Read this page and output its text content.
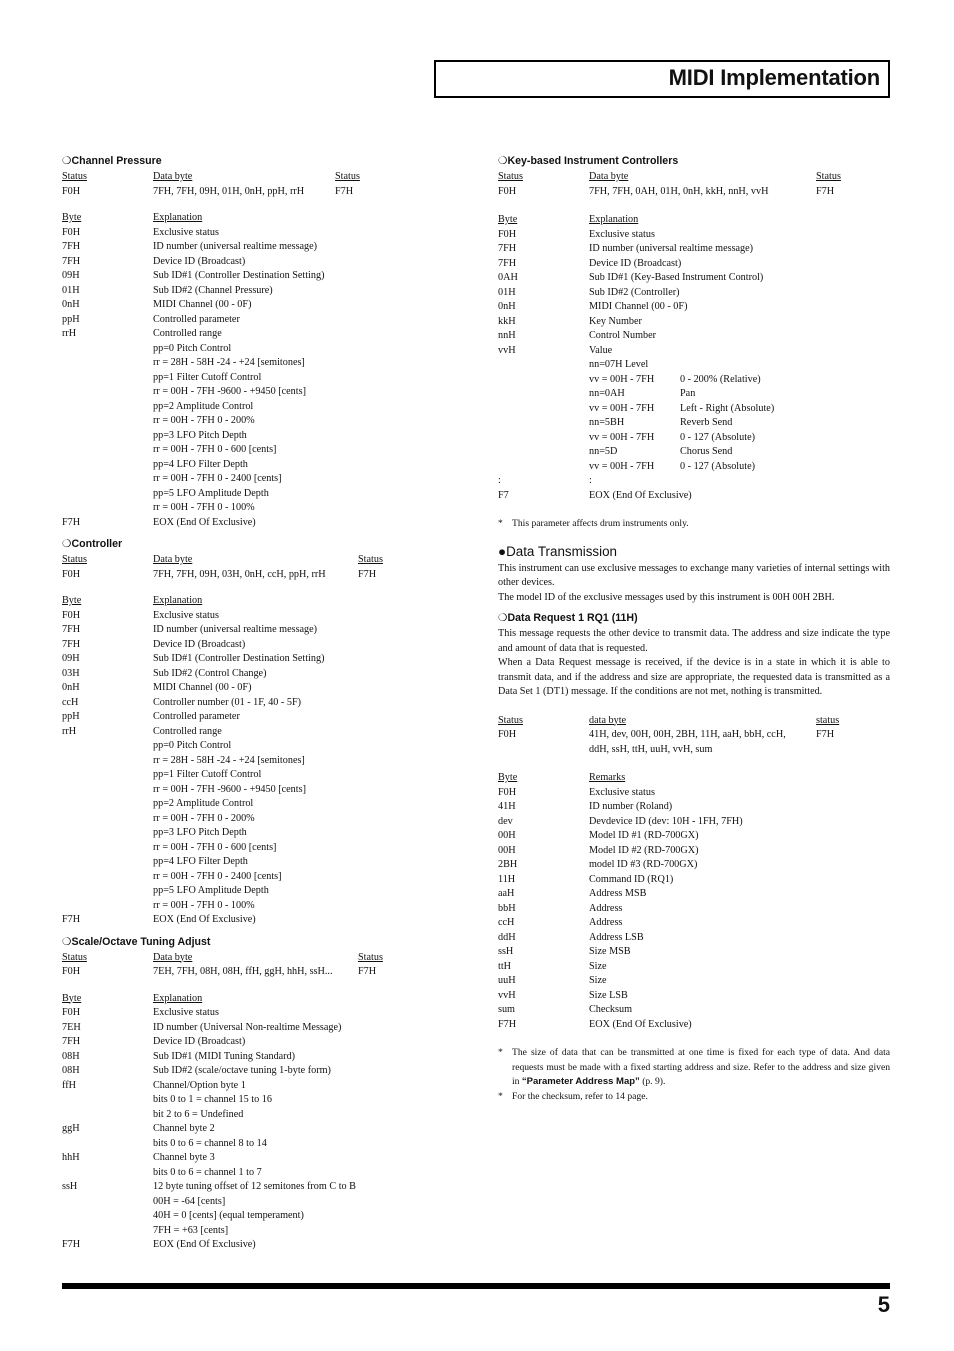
MIDI Implementation
❍Channel Pressure
Status	Data byte	Status
F0H	7FH, 7FH, 09H, 01H, 0nH, ppH, rrH	F7H
Byte	Explanation
F0H	Exclusive status
7FH	ID number (universal realtime message)
7FH	Device ID (Broadcast)
09H	Sub ID#1 (Controller Destination Setting)
01H	Sub ID#2 (Channel Pressure)
0nH	MIDI Channel (00 - 0F)
ppH	Controlled parameter
rrH	Controlled range
pp=0 Pitch Control
rr = 28H - 58H -24 - +24 [semitones]
pp=1 Filter Cutoff Control
rr = 00H - 7FH -9600 - +9450 [cents]
pp=2 Amplitude Control
rr = 00H - 7FH 0 - 200%
pp=3 LFO Pitch Depth
rr = 00H - 7FH 0 - 600 [cents]
pp=4 LFO Filter Depth
rr = 00H - 7FH 0 - 2400 [cents]
pp=5 LFO Amplitude Depth
rr = 00H - 7FH 0 - 100%
F7H	EOX (End Of Exclusive)
❍Controller
Status	Data byte	Status
F0H	7FH, 7FH, 09H, 03H, 0nH, ccH, ppH, rrH	F7H
Byte	Explanation
F0H	Exclusive status
7FH	ID number (universal realtime message)
7FH	Device ID (Broadcast)
09H	Sub ID#1 (Controller Destination Setting)
03H	Sub ID#2 (Control Change)
0nH	MIDI Channel (00 - 0F)
ccH	Controller number (01 - 1F, 40 - 5F)
ppH	Controlled parameter
rrH	Controlled range
pp=0 Pitch Control
rr = 28H - 58H -24 - +24 [semitones]
pp=1 Filter Cutoff Control
rr = 00H - 7FH -9600 - +9450 [cents]
pp=2 Amplitude Control
rr = 00H - 7FH 0 - 200%
pp=3 LFO Pitch Depth
rr = 00H - 7FH 0 - 600 [cents]
pp=4 LFO Filter Depth
rr = 00H - 7FH 0 - 2400 [cents]
pp=5 LFO Amplitude Depth
rr = 00H - 7FH 0 - 100%
F7H	EOX (End Of Exclusive)
❍Scale/Octave Tuning Adjust
Status	Data byte	Status
F0H	7EH, 7FH, 08H, 08H, ffH, ggH, hhH, ssH...	F7H
Byte	Explanation
F0H	Exclusive status
7EH	ID number (Universal Non-realtime Message)
7FH	Device ID (Broadcast)
08H	Sub ID#1 (MIDI Tuning Standard)
08H	Sub ID#2 (scale/octave tuning 1-byte form)
ffH	Channel/Option byte 1
bits 0 to 1 = channel 15 to 16
bit 2 to 6 = Undefined
ggH	Channel byte 2
bits 0 to 6 = channel 8 to 14
hhH	Channel byte 3
bits 0 to 6 = channel 1 to 7
ssH	12 byte tuning offset of 12 semitones from C to B
00H = -64 [cents]
40H = 0 [cents] (equal temperament)
7FH = +63 [cents]
F7H	EOX (End Of Exclusive)
❍Key-based Instrument Controllers
Status	Data byte	Status
F0H	7FH, 7FH, 0AH, 01H, 0nH, kkH, nnH, vvH	F7H
Byte	Explanation
F0H	Exclusive status
7FH	ID number (universal realtime message)
7FH	Device ID (Broadcast)
0AH	Sub ID#1 (Key-Based Instrument Control)
01H	Sub ID#2 (Controller)
0nH	MIDI Channel (00 - 0F)
kkH	Key Number
nnH	Control Number
vvH	Value
nn=07H Level
vv = 00H - 7FH	0 - 200% (Relative)
nn=0AH	Pan
vv = 00H - 7FH	Left - Right (Absolute)
nn=5BH	Reverb Send
vv = 00H - 7FH	0 - 127 (Absolute)
nn=5D	Chorus Send
vv = 00H - 7FH	0 - 127 (Absolute)
:	:
F7	EOX (End Of Exclusive)
* This parameter affects drum instruments only.
●Data Transmission
This instrument can use exclusive messages to exchange many varieties of internal settings with other devices.
The model ID of the exclusive messages used by this instrument is 00H 00H 2BH.
❍Data Request 1 RQ1 (11H)
This message requests the other device to transmit data. The address and size indicate the type and amount of data that is requested.
When a Data Request message is received, if the device is in a state in which it is able to transmit data, and if the address and size are appropriate, the requested data is transmitted as a Data Set 1 (DT1) message. If the conditions are not met, nothing is transmitted.
Status	data byte	status
F0H	41H, dev, 00H, 00H, 2BH, 11H, aaH, bbH, ccH,	F7H
ddH, ssH, ttH, uuH, vvH, sum
Byte	Remarks
F0H	Exclusive status
41H	ID number (Roland)
dev	Devdevice ID (dev: 10H - 1FH, 7FH)
00H	Model ID #1 (RD-700GX)
00H	Model ID #2 (RD-700GX)
2BH	model ID #3 (RD-700GX)
11H	Command ID (RQ1)
aaH	Address MSB
bbH	Address
ccH	Address
ddH	Address LSB
ssH	Size MSB
ttH	Size
uuH	Size
vvH	Size LSB
sum	Checksum
F7H	EOX (End Of Exclusive)
* The size of data that can be transmitted at one time is fixed for each type of data. And data requests must be made with a fixed starting address and size. Refer to the address and size given in “Parameter Address Map” (p. 9).
* For the checksum, refer to 14 page.
5
